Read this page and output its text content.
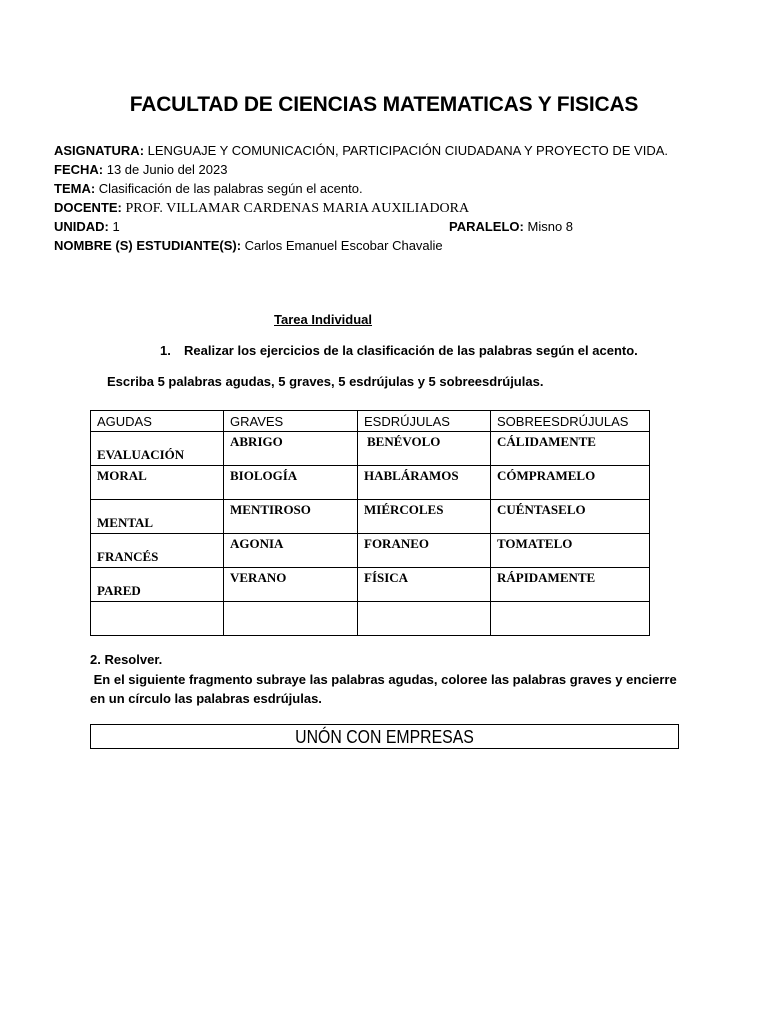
FACULTAD DE CIENCIAS MATEMATICAS Y FISICAS
ASIGNATURA: LENGUAJE Y COMUNICACIÓN, PARTICIPACIÓN CIUDADANA Y PROYECTO DE VIDA.
FECHA: 13 de Junio del 2023
TEMA: Clasificación de las palabras según el acento.
DOCENTE: PROF. VILLAMAR CARDENAS MARIA AUXILIADORA
UNIDAD: 1	PARALELO: Misno 8
NOMBRE (S) ESTUDIANTE(S): Carlos Emanuel Escobar Chavalie
Tarea Individual
1. Realizar los ejercicios de la clasificación de las palabras según el acento.
Escriba 5 palabras agudas, 5 graves, 5 esdrújulas y 5 sobreesdrújulas.
AGUDAS	GRAVES	ESDRÚJULAS	SOBREESDRÚJULAS

EVALUACIÓN	ABRIGO	BENÉVOLO	CÁLIDAMENTE

MORAL	BIOLOGÍA	HABLÁRAMOS	CÓMPRAMELO

MENTAL	MENTIROSO	MIÉRCOLES	CUÉNTASELO

FRANCÉS	AGONIA	FORANEO	TOMATELO

PARED	VERANO	FÍSICA	RÁPIDAMENTE

2. Resolver.
En el siguiente fragmento subraye las palabras agudas, coloree las palabras graves y encierre en un círculo las palabras esdrújulas.
UNÓN CON EMPRESAS
